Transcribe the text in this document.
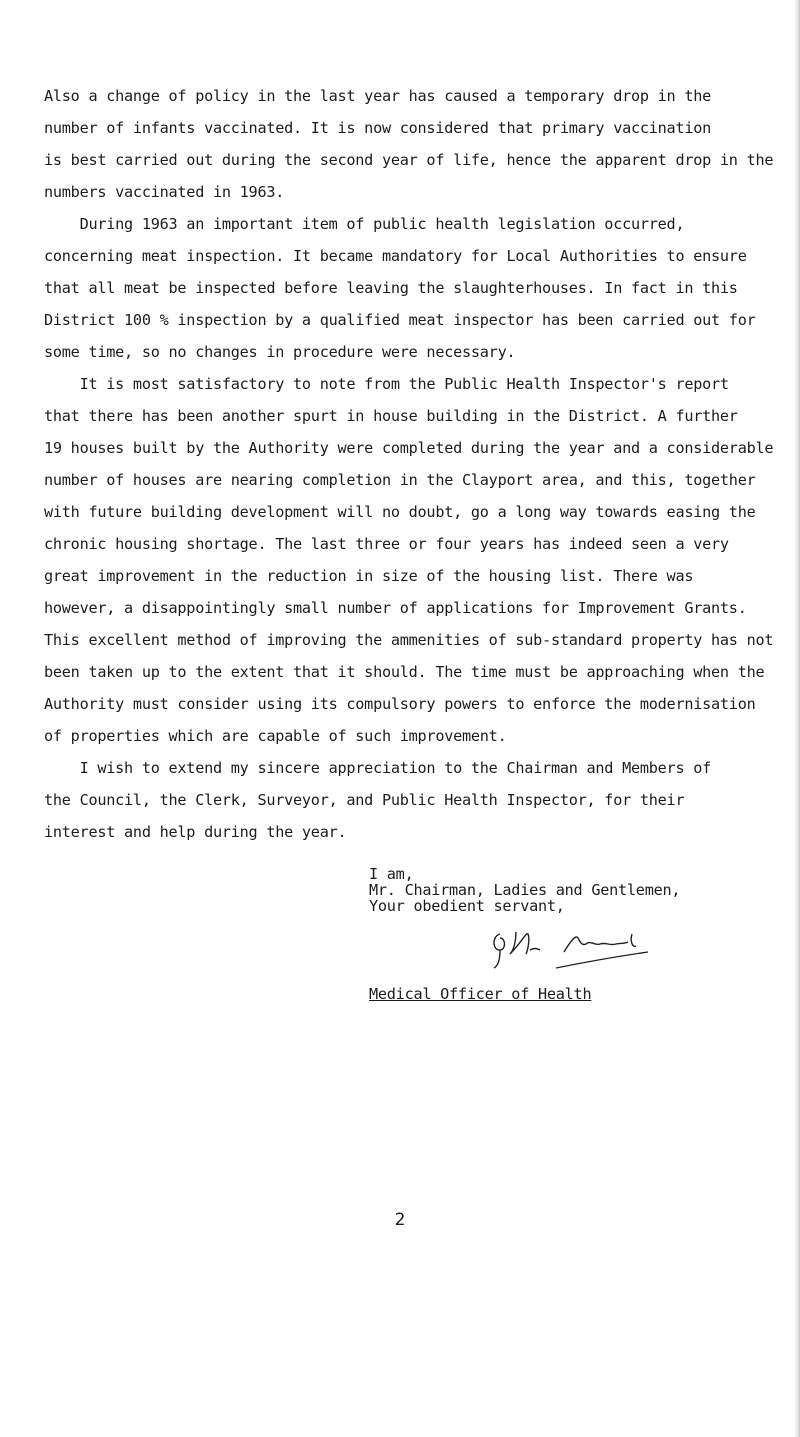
Also a change of policy in the last year has caused a temporary drop in the
number of infants vaccinated. It is now considered that primary vaccination
is best carried out during the second year of life, hence the apparent drop in the
numbers vaccinated in 1963.
During 1963 an important item of public health legislation occurred,
concerning meat inspection. It became mandatory for Local Authorities to ensure
that all meat be inspected before leaving the slaughterhouses. In fact in this
District 100 % inspection by a qualified meat inspector has been carried out for
some time, so no changes in procedure were necessary.
It is most satisfactory to note from the Public Health Inspector's report
that there has been another spurt in house building in the District. A further
19 houses built by the Authority were completed during the year and a considerable
number of houses are nearing completion in the Clayport area, and this, together
with future building development will no doubt, go a long way towards easing the
chronic housing shortage. The last three or four years has indeed seen a very
great improvement in the reduction in size of the housing list. There was
however, a disappointingly small number of applications for Improvement Grants.
This excellent method of improving the ammenities of sub-standard property has not
been taken up to the extent that it should. The time must be approaching when the
Authority must consider using its compulsory powers to enforce the modernisation
of properties which are capable of such improvement.
I wish to extend my sincere appreciation to the Chairman and Members of
the Council, the Clerk, Surveyor, and Public Health Inspector, for their
interest and help during the year.
I am,
Mr. Chairman, Ladies and Gentlemen,
Your obedient servant,
Medical Officer of Health
2
